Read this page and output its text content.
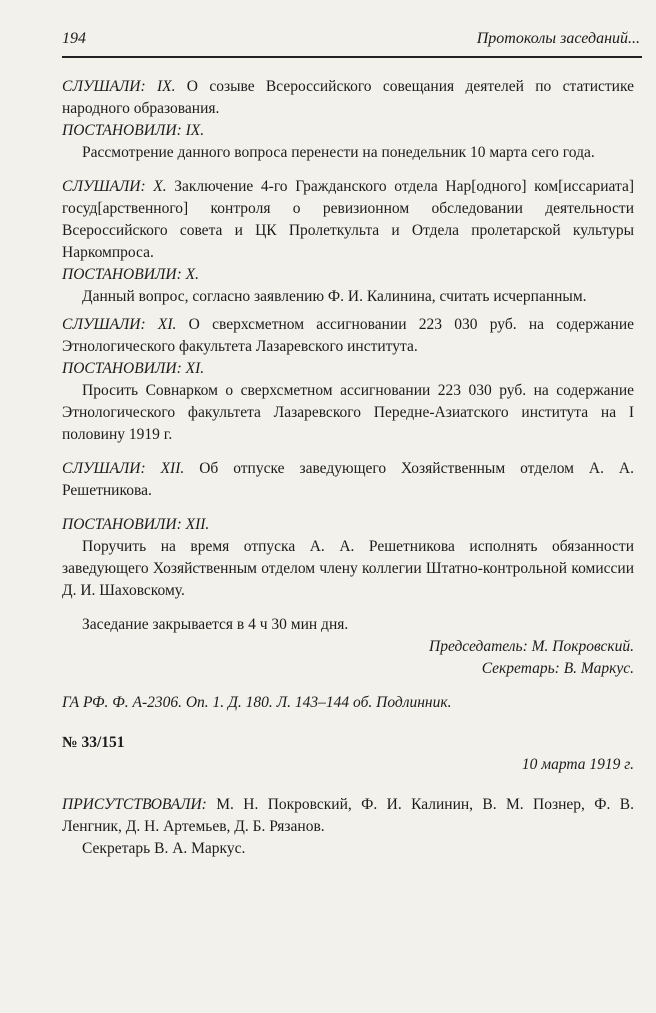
194	Протоколы заседаний...

СЛУШАЛИ: IX. О созыве Всероссийского совещания деятелей по статистике народного образования.

ПОСТАНОВИЛИ: IX.

Рассмотрение данного вопроса перенести на понедельник 10 марта сего года.

СЛУШАЛИ: X. Заключение 4-го Гражданского отдела Нар[одного] ком[иссариата] госуд[арственного] контроля о ревизионном обследовании деятельности Всероссийского совета и ЦК Пролеткульта и Отдела пролетарской культуры Наркомпроса.

ПОСТАНОВИЛИ: X.

Данный вопрос, согласно заявлению Ф. И. Калинина, считать исчерпанным.

СЛУШАЛИ: XI. О сверхсметном ассигновании 223 030 руб. на содержание Этнологического факультета Лазаревского института.

ПОСТАНОВИЛИ: XI.

Просить Совнарком о сверхсметном ассигновании 223 030 руб. на содержание Этнологического факультета Лазаревского Передне-Азиатского института на I половину 1919 г.

СЛУШАЛИ: XII. Об отпуске заведующего Хозяйственным отделом А. А. Решетникова.

ПОСТАНОВИЛИ: XII.

Поручить на время отпуска А. А. Решетникова исполнять обязанности заведующего Хозяйственным отделом члену коллегии Штатно-контрольной комиссии Д. И. Шаховскому.

Заседание закрывается в 4 ч 30 мин дня.

Председатель: М. Покровский.

Секретарь: В. Маркус.

ГА РФ. Ф. А-2306. Оп. 1. Д. 180. Л. 143–144 об. Подлинник.

№ 33/151

10 марта 1919 г.

ПРИСУТСТВОВАЛИ: М. Н. Покровский, Ф. И. Калинин, В. М. Познер, Ф. В. Ленгник, Д. Н. Артемьев, Д. Б. Рязанов.

Секретарь В. А. Маркус.
